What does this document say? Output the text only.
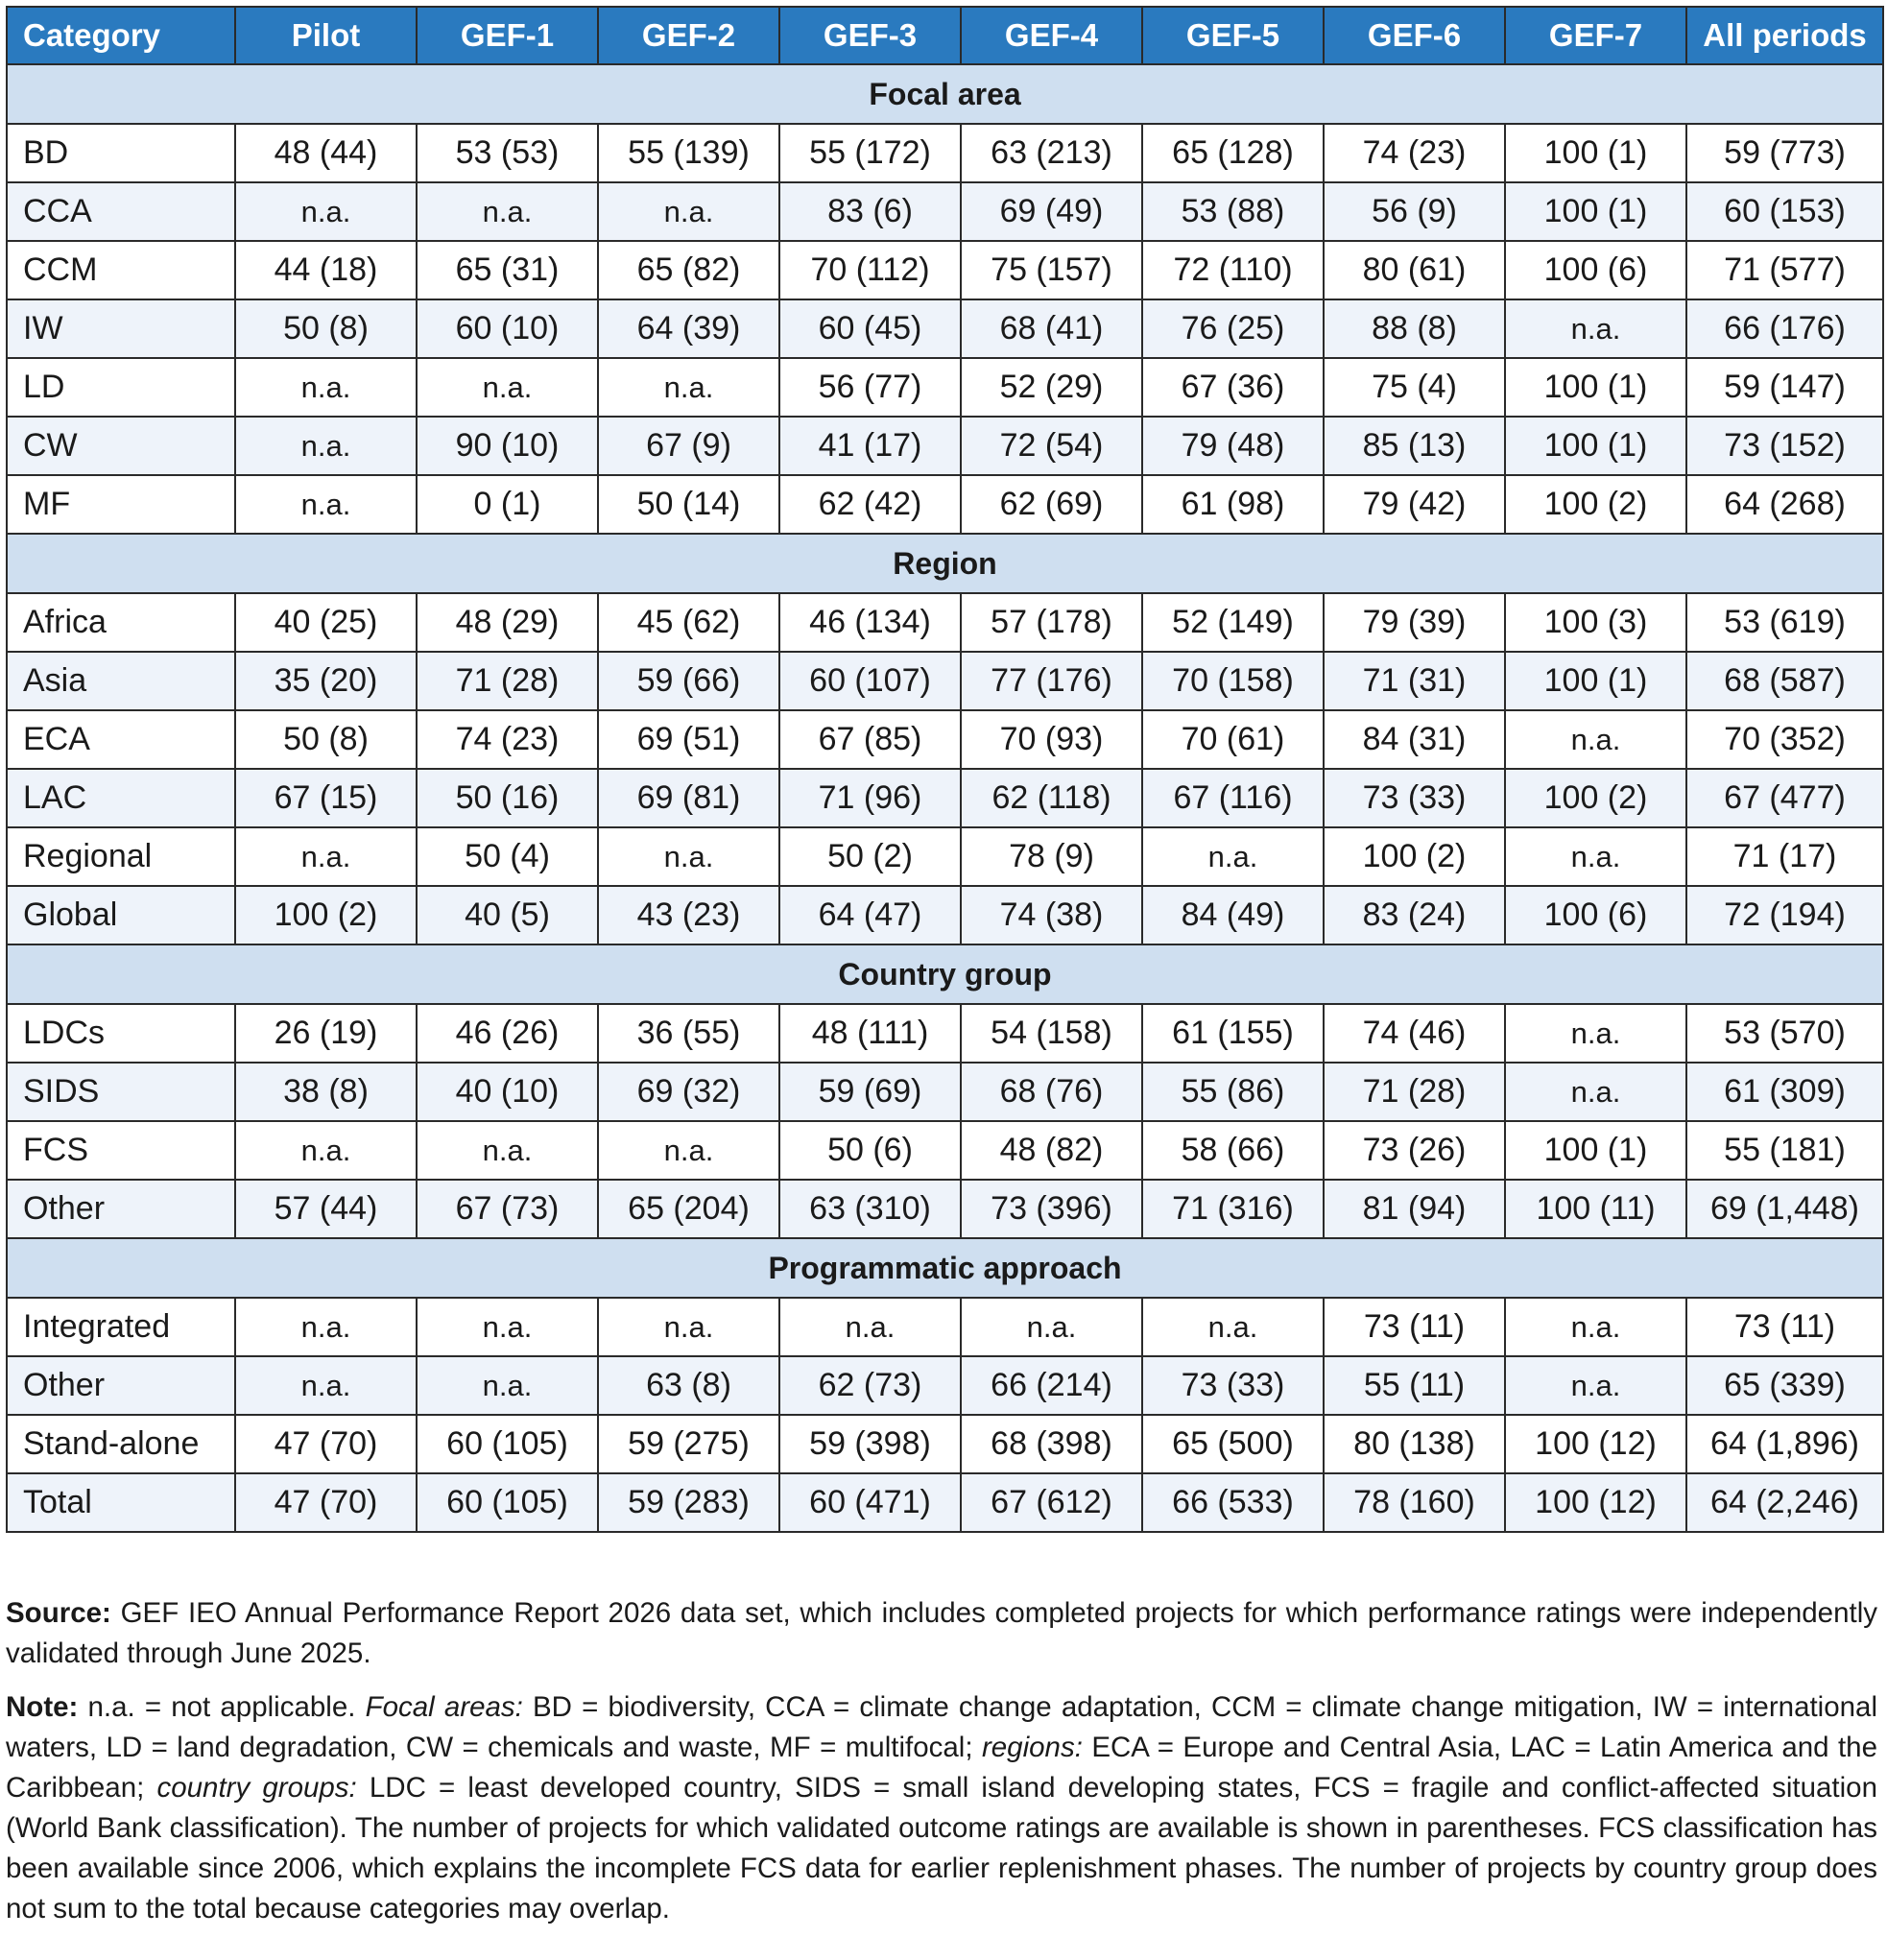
Category	Pilot	GEF-1	GEF-2	GEF-3	GEF-4	GEF-5	GEF-6	GEF-7	All periods
Focal area									
BD	48 (44)	53 (53)	55 (139)	55 (172)	63 (213)	65 (128)	74 (23)	100 (1)	59 (773)
CCA	n.a.	n.a.	n.a.	83 (6)	69 (49)	53 (88)	56 (9)	100 (1)	60 (153)
CCM	44 (18)	65 (31)	65 (82)	70 (112)	75 (157)	72 (110)	80 (61)	100 (6)	71 (577)
IW	50 (8)	60 (10)	64 (39)	60 (45)	68 (41)	76 (25)	88 (8)	n.a.	66 (176)
LD	n.a.	n.a.	n.a.	56 (77)	52 (29)	67 (36)	75 (4)	100 (1)	59 (147)
CW	n.a.	90 (10)	67 (9)	41 (17)	72 (54)	79 (48)	85 (13)	100 (1)	73 (152)
MF	n.a.	0 (1)	50 (14)	62 (42)	62 (69)	61 (98)	79 (42)	100 (2)	64 (268)
Region									
Africa	40 (25)	48 (29)	45 (62)	46 (134)	57 (178)	52 (149)	79 (39)	100 (3)	53 (619)
Asia	35 (20)	71 (28)	59 (66)	60 (107)	77 (176)	70 (158)	71 (31)	100 (1)	68 (587)
ECA	50 (8)	74 (23)	69 (51)	67 (85)	70 (93)	70 (61)	84 (31)	n.a.	70 (352)
LAC	67 (15)	50 (16)	69 (81)	71 (96)	62 (118)	67 (116)	73 (33)	100 (2)	67 (477)
Regional	n.a.	50 (4)	n.a.	50 (2)	78 (9)	n.a.	100 (2)	n.a.	71 (17)
Global	100 (2)	40 (5)	43 (23)	64 (47)	74 (38)	84 (49)	83 (24)	100 (6)	72 (194)
Country group									
LDCs	26 (19)	46 (26)	36 (55)	48 (111)	54 (158)	61 (155)	74 (46)	n.a.	53 (570)
SIDS	38 (8)	40 (10)	69 (32)	59 (69)	68 (76)	55 (86)	71 (28)	n.a.	61 (309)
FCS	n.a.	n.a.	n.a.	50 (6)	48 (82)	58 (66)	73 (26)	100 (1)	55 (181)
Other	57 (44)	67 (73)	65 (204)	63 (310)	73 (396)	71 (316)	81 (94)	100 (11)	69 (1,448)
Programmatic approach									
Integrated	n.a.	n.a.	n.a.	n.a.	n.a.	n.a.	73 (11)	n.a.	73 (11)
Other	n.a.	n.a.	63 (8)	62 (73)	66 (214)	73 (33)	55 (11)	n.a.	65 (339)
Stand-alone	47 (70)	60 (105)	59 (275)	59 (398)	68 (398)	65 (500)	80 (138)	100 (12)	64 (1,896)
Total	47 (70)	60 (105)	59 (283)	60 (471)	67 (612)	66 (533)	78 (160)	100 (12)	64 (2,246)

Source: GEF IEO Annual Performance Report 2026 data set, which includes completed projects for which performance ratings were independently validated through June 2025.

Note: n.a. = not applicable. Focal areas: BD = biodiversity, CCA = climate change adaptation, CCM = climate change mitigation, IW = international waters, LD = land degradation, CW = chemicals and waste, MF = multifocal; regions: ECA = Europe and Central Asia, LAC = Latin America and the Caribbean; country groups: LDC = least developed country, SIDS = small island developing states, FCS = fragile and conflict-affected situation (World Bank classification). The number of projects for which validated outcome ratings are available is shown in parentheses. FCS classification has been available since 2006, which explains the incomplete FCS data for earlier replenishment phases. The number of projects by country group does not sum to the total because categories may overlap.
